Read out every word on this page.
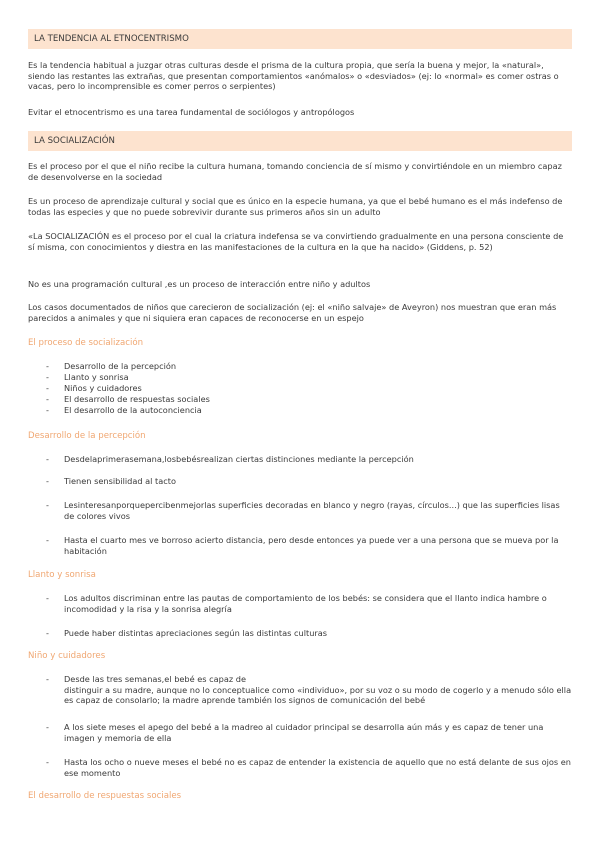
LA TENDENCIA AL ETNOCENTRISMO

Es la tendencia habitual a juzgar otras culturas desde el prisma de la cultura propia, que sería la buena y mejor, la «natural», siendo las restantes las extrañas, que presentan comportamientos «anómalos» o «desviados» (ej: lo «normal» es comer ostras o vacas, pero lo incomprensible es comer perros o serpientes)

Evitar el etnocentrismo es una tarea fundamental de sociólogos y antropólogos

LA SOCIALIZACIÓN

Es el proceso por el que el niño recibe la cultura humana, tomando conciencia de sí mismo y convirtiéndole en un miembro capaz de desenvolverse en la sociedad

Es un proceso de aprendizaje cultural y social que es único en la especie humana, ya que el bebé humano es el más indefenso de todas las especies y que no puede sobrevivir durante sus primeros años sin un adulto

«La SOCIALIZACIÓN es el proceso por el cual la criatura indefensa se va convirtiendo gradualmente en una persona consciente de sí misma, con conocimientos y diestra en las manifestaciones de la cultura en la que ha nacido» (Giddens, p. 52)

No es una programación cultural ,es un proceso de interacción entre niño y adultos

Los casos documentados de niños que carecieron de socialización (ej: el «niño salvaje» de Aveyron) nos muestran que eran más parecidos a animales y que ni siquiera eran capaces de reconocerse en un espejo

El proceso de socialización

-	Desarrollo de la percepción
-	Llanto y sonrisa
-	Niños y cuidadores
-	El desarrollo de respuestas sociales
-	El desarrollo de la autoconciencia

Desarrollo de la percepción

-	Desdelaprimerasemana,losbebésrealizan ciertas distinciones mediante la percepción
-	Tienen sensibilidad al tacto
-	Lesinteresanporquepercibenmejorlas superficies decoradas en blanco y negro (rayas, círculos...) que las superficies lisas de colores vivos
-	Hasta el cuarto mes ve borroso acierto distancia, pero desde entonces ya puede ver a una persona que se mueva por la habitación

Llanto y sonrisa

-	Los adultos discriminan entre las pautas de comportamiento de los bebés: se considera que el llanto indica hambre o incomodidad y la risa y la sonrisa alegría
-	Puede haber distintas apreciaciones según las distintas culturas

Niño y cuidadores

-	Desde las tres semanas,el bebé es capaz de
distinguir a su madre, aunque no lo conceptualice como «individuo», por su voz o su modo de cogerlo y a menudo sólo ella es capaz de consolarlo; la madre aprende también los signos de comunicación del bebé
-	A los siete meses el apego del bebé a la madreo al cuidador principal se desarrolla aún más y es capaz de tener una imagen y memoria de ella
-	Hasta los ocho o nueve meses el bebé no es capaz de entender la existencia de aquello que no está delante de sus ojos en ese momento

El desarrollo de respuestas sociales
